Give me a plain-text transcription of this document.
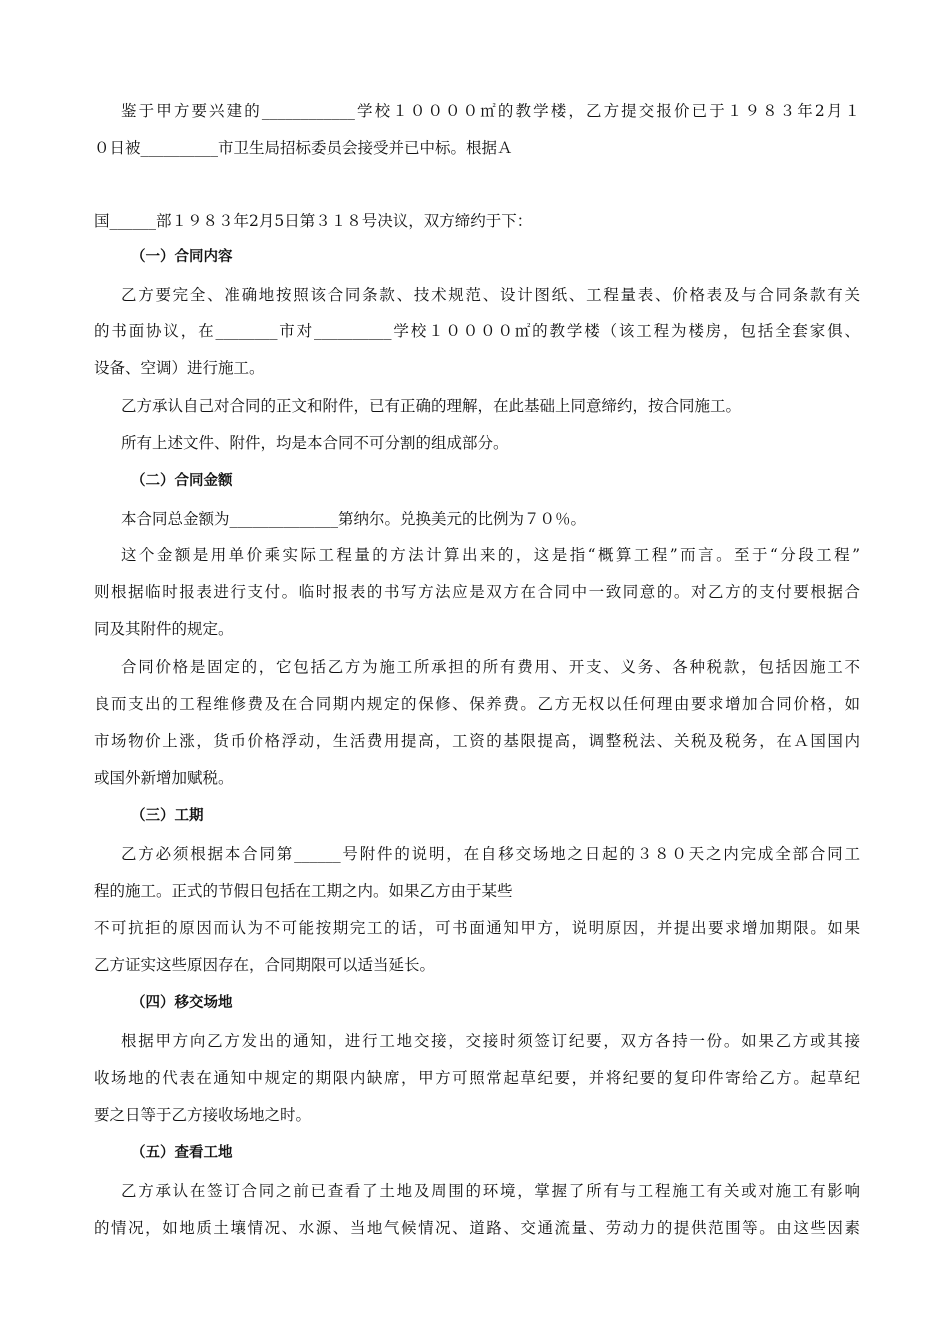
鉴于甲方要兴建的____________学校１００００㎡的教学楼，乙方提交报价已于１９８３年2月１
０日被__________市卫生局招标委员会接受并已中标。根据Ａ
国______部１９８３年2月5日第３１８号决议，双方缔约于下：
（一）合同内容
乙方要完全、准确地按照该合同条款、技术规范、设计图纸、工程量表、价格表及与合同条款有关
的书面协议，在________市对__________学校１００００㎡的教学楼（该工程为楼房，包括全套家俱、
设备、空调）进行施工。
乙方承认自己对合同的正文和附件，已有正确的理解，在此基础上同意缔约，按合同施工。
所有上述文件、附件，均是本合同不可分割的组成部分。
（二）合同金额
本合同总金额为______________第纳尔。兑换美元的比例为７０％。
这个金额是用单价乘实际工程量的方法计算出来的，这是指“概算工程”而言。至于“分段工程”
则根据临时报表进行支付。临时报表的书写方法应是双方在合同中一致同意的。对乙方的支付要根据合
同及其附件的规定。
合同价格是固定的，它包括乙方为施工所承担的所有费用、开支、义务、各种税款，包括因施工不
良而支出的工程维修费及在合同期内规定的保修、保养费。乙方无权以任何理由要求增加合同价格，如
市场物价上涨，货币价格浮动，生活费用提高，工资的基限提高，调整税法、关税及税务，在Ａ国国内
或国外新增加赋税。
（三）工期
乙方必须根据本合同第______号附件的说明，在自移交场地之日起的３８０天之内完成全部合同工
程的施工。正式的节假日包括在工期之内。如果乙方由于某些
不可抗拒的原因而认为不可能按期完工的话，可书面通知甲方，说明原因，并提出要求增加期限。如果
乙方证实这些原因存在，合同期限可以适当延长。
（四）移交场地
根据甲方向乙方发出的通知，进行工地交接，交接时须签订纪要，双方各持一份。如果乙方或其接
收场地的代表在通知中规定的期限内缺席，甲方可照常起草纪要，并将纪要的复印件寄给乙方。起草纪
要之日等于乙方接收场地之时。
（五）查看工地
乙方承认在签订合同之前已查看了土地及周围的环境，掌握了所有与工程施工有关或对施工有影响
的情况，如地质土壤情况、水源、当地气候情况、道路、交通流量、劳动力的提供范围等。由这些因素
